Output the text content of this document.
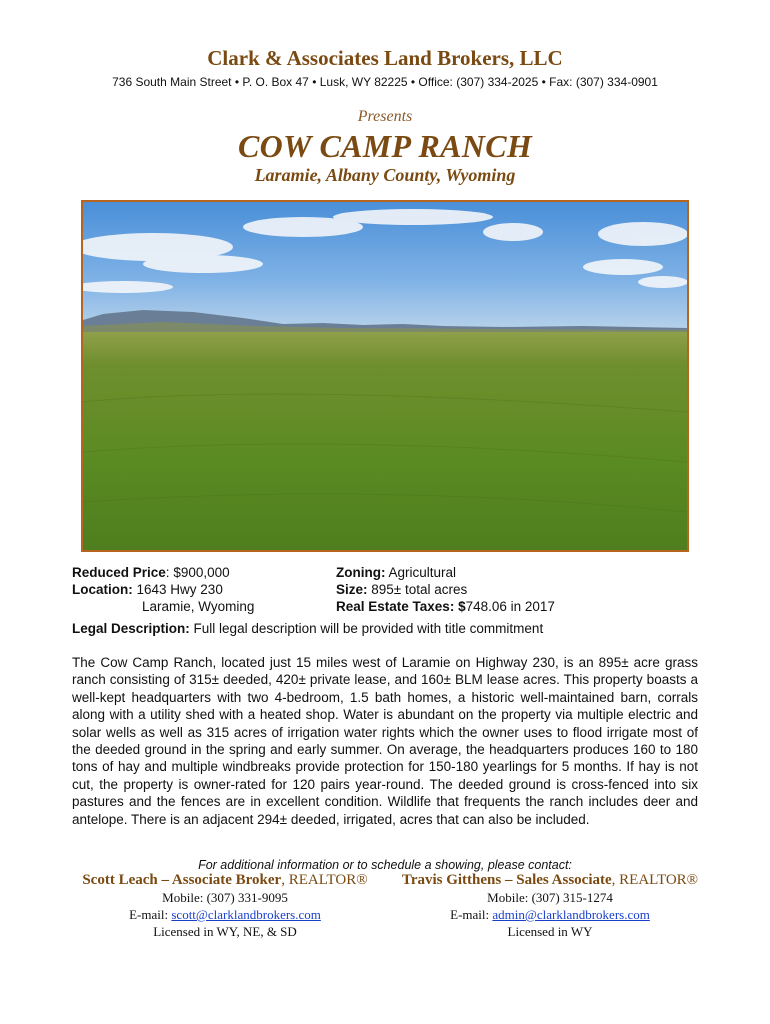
Clark & Associates Land Brokers, LLC
736 South Main Street • P. O. Box 47 • Lusk, WY 82225 • Office: (307) 334-2025 • Fax: (307) 334-0901
Presents
COW CAMP RANCH
Laramie, Albany County, Wyoming
Reduced Price: $900,000
Location: 1643 Hwy 230
Laramie, Wyoming
Zoning: Agricultural
Size: 895± total acres
Real Estate Taxes: $748.06 in 2017
Legal Description: Full legal description will be provided with title commitment
The Cow Camp Ranch, located just 15 miles west of Laramie on Highway 230, is an 895± acre grass ranch consisting of 315± deeded, 420± private lease, and 160± BLM lease acres. This property boasts a well-kept headquarters with two 4-bedroom, 1.5 bath homes, a historic well-maintained barn, corrals along with a utility shed with a heated shop. Water is abundant on the property via multiple electric and solar wells as well as 315 acres of irrigation water rights which the owner uses to flood irrigate most of the deeded ground in the spring and early summer. On average, the headquarters produces 160 to 180 tons of hay and multiple windbreaks provide protection for 150-180 yearlings for 5 months. If hay is not cut, the property is owner-rated for 120 pairs year-round. The deeded ground is cross-fenced into six pastures and the fences are in excellent condition. Wildlife that frequents the ranch includes deer and antelope. There is an adjacent 294± deeded, irrigated, acres that can also be included.
For additional information or to schedule a showing, please contact:
Scott Leach – Associate Broker, REALTOR®
Mobile: (307) 331-9095
E-mail: scott@clarklandbrokers.com
Licensed in WY, NE, & SD
Travis Gitthens – Sales Associate, REALTOR®
Mobile: (307) 315-1274
E-mail: admin@clarklandbrokers.com
Licensed in WY
